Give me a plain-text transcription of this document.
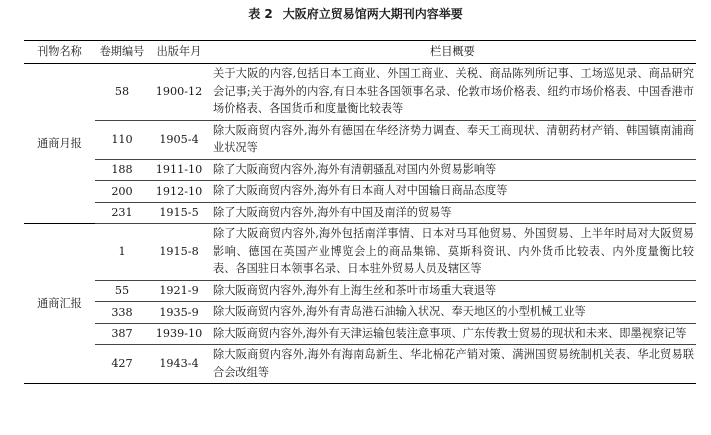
表 2 大阪府立贸易馆两大期刊内容举要
刊物名称	卷期编号	出版年月	栏目概要
通商月报	58	1900-12	关于大阪的内容,包括日本工商业、外国工商业、关税、商品陈列所记事、工场巡见录、商品研究会记事;关于海外的内容,有日本驻各国领事名录、伦敦市场价格表、纽约市场价格表、中国香港市场价格表、各国货币和度量衡比较表等
	110	1905-4	除大阪商贸内容外,海外有德国在华经济势力调查、奉天工商现状、清朝药材产销、韩国镇南浦商业状况等
	188	1911-10	除了大阪商贸内容外,海外有清朝骚乱对国内外贸易影响等
	200	1912-10	除了大阪商贸内容外,海外有日本商人对中国输日商品态度等
	231	1915-5	除了大阪商贸内容外,海外有中国及南洋的贸易等
通商汇报	1	1915-8	除了大阪商贸内容外,海外包括南洋事情、日本对马耳他贸易、外国贸易、上半年时局对大阪贸易影响、德国在英国产业博览会上的商品集锦、莫斯科资讯、内外货币比较表、内外度量衡比较表、各国驻日本领事名录、日本驻外贸易人员及辖区等
	55	1921-9	除大阪商贸内容外,海外有上海生丝和茶叶市场重大衰退等
	338	1935-9	除大阪商贸内容外,海外有青岛港石油输入状况、奉天地区的小型机械工业等
	387	1939-10	除大阪商贸内容外,海外有天津运输包装注意事项、广东传教士贸易的现状和未来、即墨视察记等
	427	1943-4	除大阪商贸内容外,海外有海南岛新生、华北棉花产销对策、满洲国贸易统制机关表、华北贸易联合会改组等
